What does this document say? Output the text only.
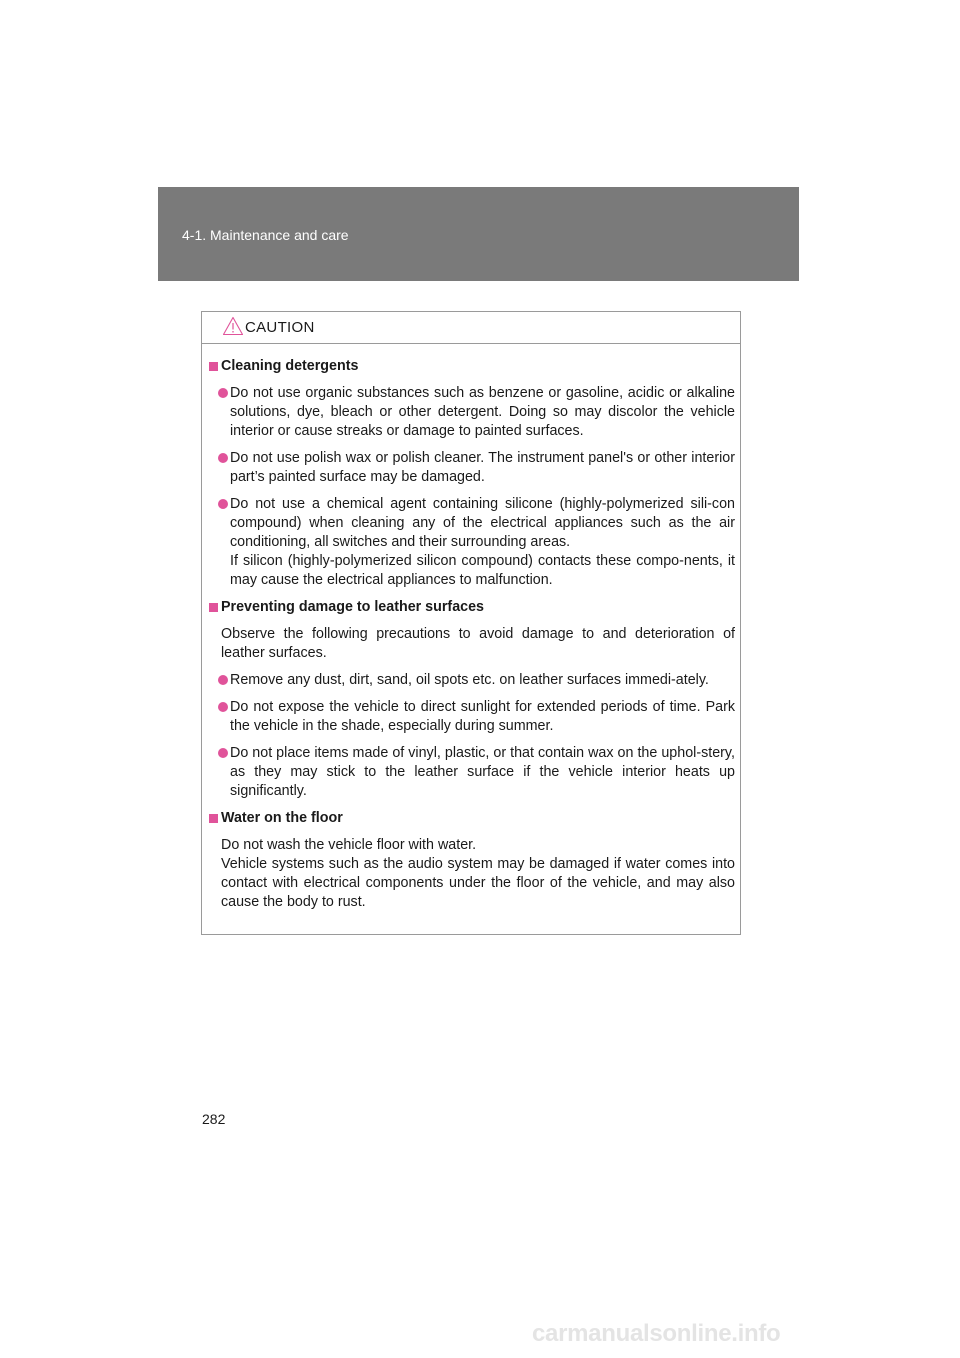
4-1. Maintenance and care
CAUTION
Cleaning detergents

Do not use organic substances such as benzene or gasoline, acidic or alkaline solutions, dye, bleach or other detergent. Doing so may discolor the vehicle interior or cause streaks or damage to painted surfaces.

Do not use polish wax or polish cleaner. The instrument panel's or other interior part’s painted surface may be damaged.

Do not use a chemical agent containing silicone (highly-polymerized sili-con compound) when cleaning any of the electrical appliances such as the air conditioning, all switches and their surrounding areas.

If silicon (highly-polymerized silicon compound) contacts these compo-nents, it may cause the electrical appliances to malfunction.

Preventing damage to leather surfaces

Observe the following precautions to avoid damage to and deterioration of leather surfaces.

Remove any dust, dirt, sand, oil spots etc. on leather surfaces immedi-ately.

Do not expose the vehicle to direct sunlight for extended periods of time. Park the vehicle in the shade, especially during summer.

Do not place items made of vinyl, plastic, or that contain wax on the uphol-stery, as they may stick to the leather surface if the vehicle interior heats up significantly.

Water on the floor

Do not wash the vehicle floor with water.

Vehicle systems such as the audio system may be damaged if water comes into contact with electrical components under the floor of the vehicle, and may also cause the body to rust.

282
carmanualsonline.info
